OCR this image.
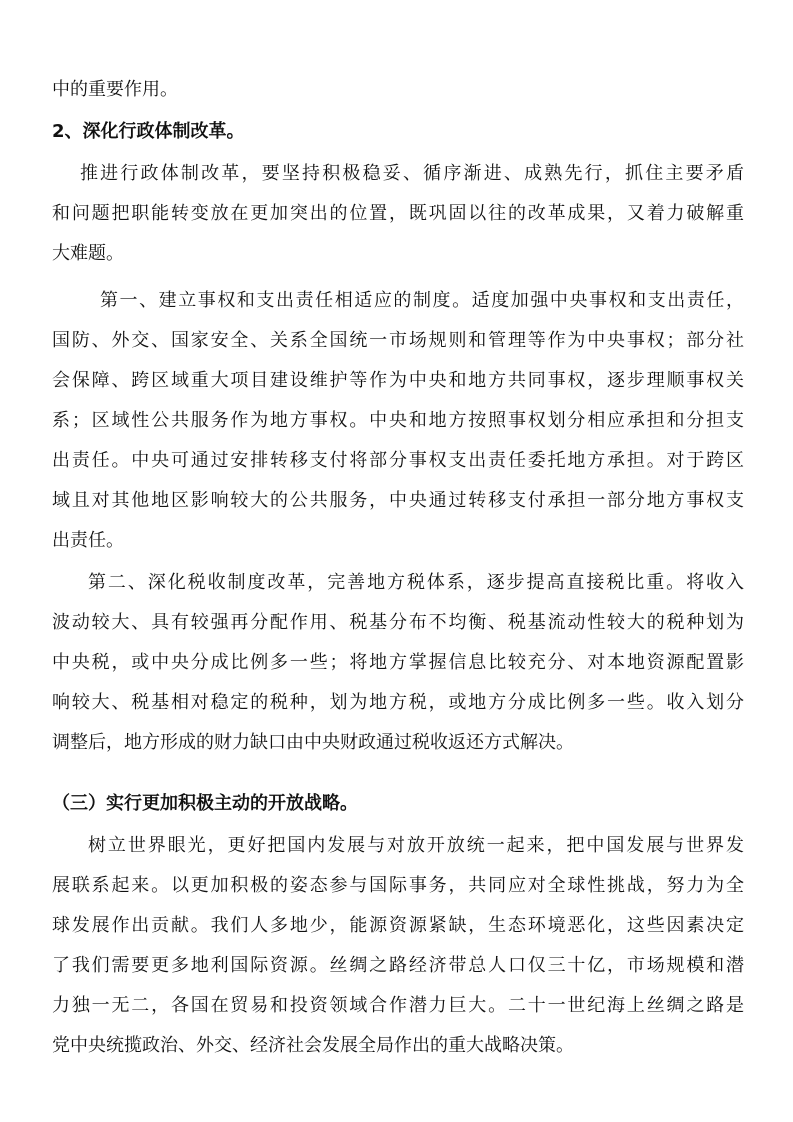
中的重要作用。
2、深化行政体制改革。
推进行政体制改革，要坚持积极稳妥、循序渐进、成熟先行，抓住主要矛盾
和问题把职能转变放在更加突出的位置，既巩固以往的改革成果，又着力破解重
大难题。
第一、建立事权和支出责任相适应的制度。适度加强中央事权和支出责任，
国防、外交、国家安全、关系全国统一市场规则和管理等作为中央事权；部分社
会保障、跨区域重大项目建设维护等作为中央和地方共同事权，逐步理顺事权关
系；区域性公共服务作为地方事权。中央和地方按照事权划分相应承担和分担支
出责任。中央可通过安排转移支付将部分事权支出责任委托地方承担。对于跨区
域且对其他地区影响较大的公共服务，中央通过转移支付承担一部分地方事权支
出责任。
第二、深化税收制度改革，完善地方税体系，逐步提高直接税比重。将收入
波动较大、具有较强再分配作用、税基分布不均衡、税基流动性较大的税种划为
中央税，或中央分成比例多一些；将地方掌握信息比较充分、对本地资源配置影
响较大、税基相对稳定的税种，划为地方税，或地方分成比例多一些。收入划分
调整后，地方形成的财力缺口由中央财政通过税收返还方式解决。
（三）实行更加积极主动的开放战略。
树立世界眼光，更好把国内发展与对放开放统一起来，把中国发展与世界发
展联系起来。以更加积极的姿态参与国际事务，共同应对全球性挑战，努力为全
球发展作出贡献。我们人多地少，能源资源紧缺，生态环境恶化，这些因素决定
了我们需要更多地利国际资源。丝绸之路经济带总人口仅三十亿，市场规模和潜
力独一无二，各国在贸易和投资领域合作潜力巨大。二十一世纪海上丝绸之路是
党中央统揽政治、外交、经济社会发展全局作出的重大战略决策。
